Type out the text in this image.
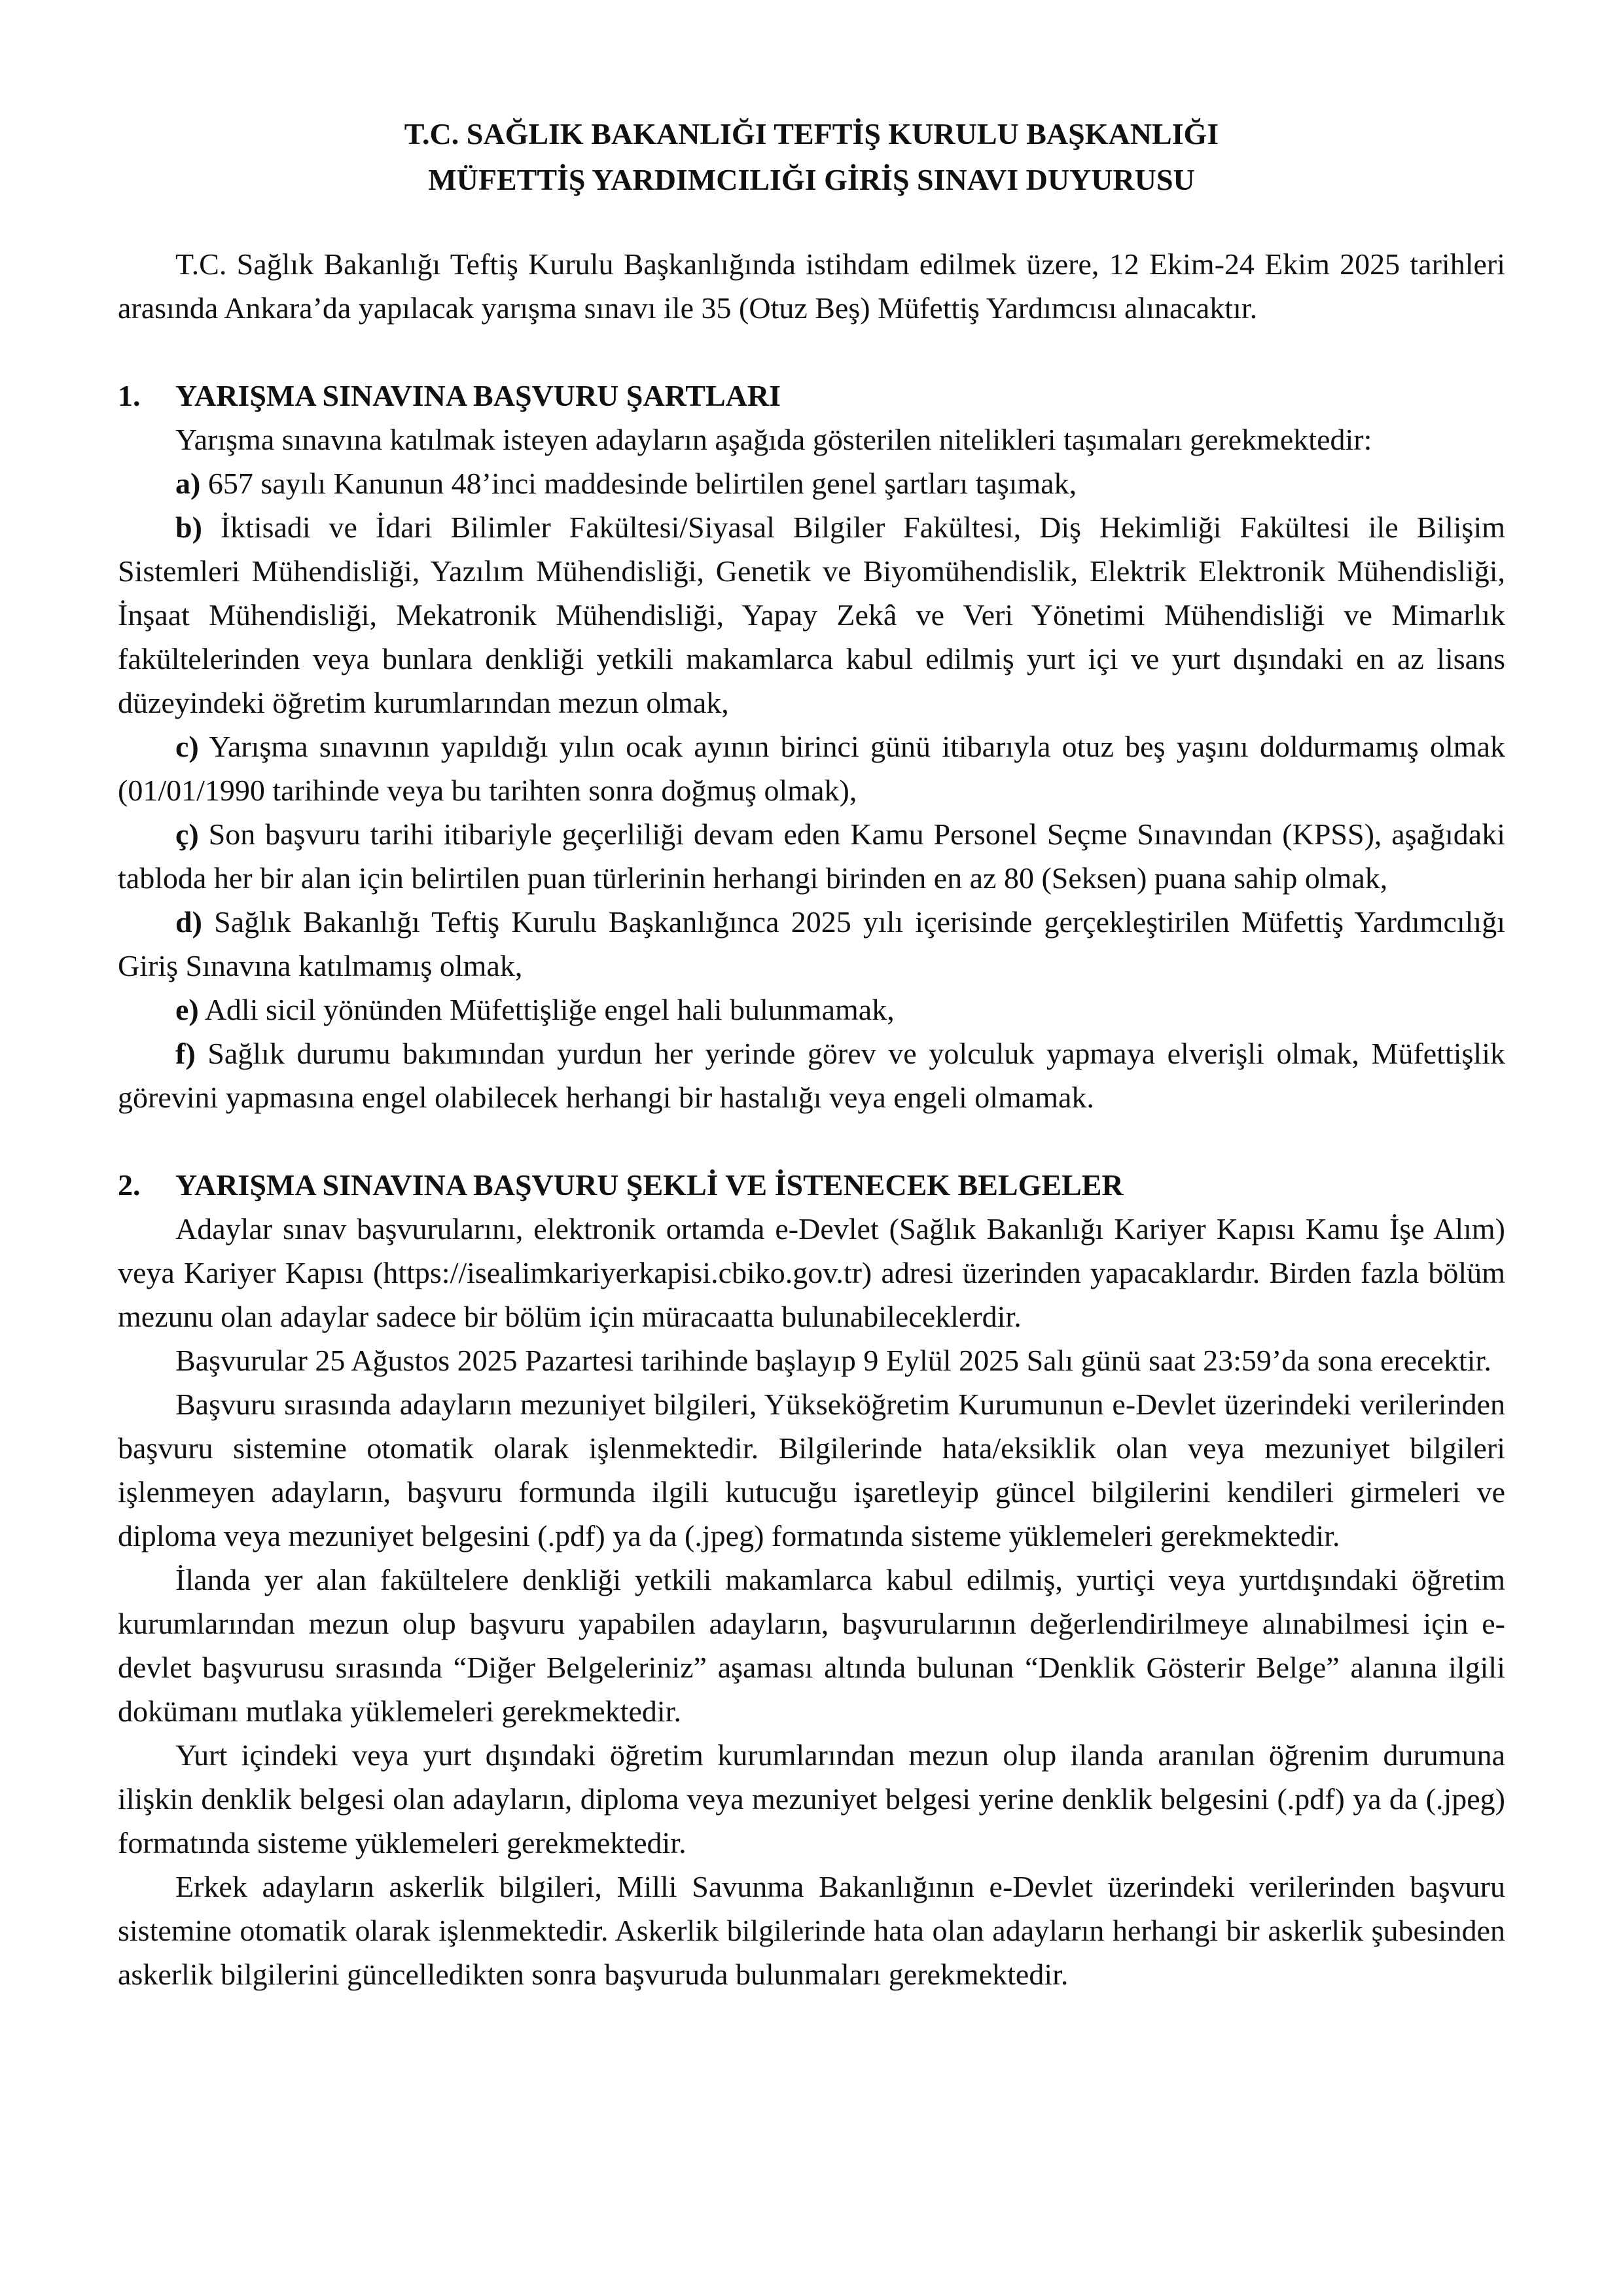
T.C. SAĞLIK BAKANLIĞI TEFTİŞ KURULU BAŞKANLIĞI
MÜFETTİŞ YARDIMCILIĞI GİRİŞ SINAVI DUYURUSU

T.C. Sağlık Bakanlığı Teftiş Kurulu Başkanlığında istihdam edilmek üzere, 12 Ekim-24 Ekim 2025 tarihleri arasında Ankara’da yapılacak yarışma sınavı ile 35 (Otuz Beş) Müfettiş Yardımcısı alınacaktır.

1. YARIŞMA SINAVINA BAŞVURU ŞARTLARI

Yarışma sınavına katılmak isteyen adayların aşağıda gösterilen nitelikleri taşımaları gerekmektedir:

a) 657 sayılı Kanunun 48’inci maddesinde belirtilen genel şartları taşımak,

b) İktisadi ve İdari Bilimler Fakültesi/Siyasal Bilgiler Fakültesi, Diş Hekimliği Fakültesi ile Bilişim Sistemleri Mühendisliği, Yazılım Mühendisliği, Genetik ve Biyomühendislik, Elektrik Elektronik Mühendisliği, İnşaat Mühendisliği, Mekatronik Mühendisliği, Yapay Zekâ ve Veri Yönetimi Mühendisliği ve Mimarlık fakültelerinden veya bunlara denkliği yetkili makamlarca kabul edilmiş yurt içi ve yurt dışındaki en az lisans düzeyindeki öğretim kurumlarından mezun olmak,

c) Yarışma sınavının yapıldığı yılın ocak ayının birinci günü itibarıyla otuz beş yaşını doldurmamış olmak (01/01/1990 tarihinde veya bu tarihten sonra doğmuş olmak),

ç) Son başvuru tarihi itibariyle geçerliliği devam eden Kamu Personel Seçme Sınavından (KPSS), aşağıdaki tabloda her bir alan için belirtilen puan türlerinin herhangi birinden en az 80 (Seksen) puana sahip olmak,

d) Sağlık Bakanlığı Teftiş Kurulu Başkanlığınca 2025 yılı içerisinde gerçekleştirilen Müfettiş Yardımcılığı Giriş Sınavına katılmamış olmak,

e) Adli sicil yönünden Müfettişliğe engel hali bulunmamak,

f) Sağlık durumu bakımından yurdun her yerinde görev ve yolculuk yapmaya elverişli olmak, Müfettişlik görevini yapmasına engel olabilecek herhangi bir hastalığı veya engeli olmamak.

2. YARIŞMA SINAVINA BAŞVURU ŞEKLİ VE İSTENECEK BELGELER

Adaylar sınav başvurularını, elektronik ortamda e-Devlet (Sağlık Bakanlığı Kariyer Kapısı Kamu İşe Alım) veya Kariyer Kapısı (https://isealimkariyerkapisi.cbiko.gov.tr) adresi üzerinden yapacaklardır. Birden fazla bölüm mezunu olan adaylar sadece bir bölüm için müracaatta bulunabileceklerdir.

Başvurular 25 Ağustos 2025 Pazartesi tarihinde başlayıp 9 Eylül 2025 Salı günü saat 23:59’da sona erecektir.

Başvuru sırasında adayların mezuniyet bilgileri, Yükseköğretim Kurumunun e-Devlet üzerindeki verilerinden başvuru sistemine otomatik olarak işlenmektedir. Bilgilerinde hata/eksiklik olan veya mezuniyet bilgileri işlenmeyen adayların, başvuru formunda ilgili kutucuğu işaretleyip güncel bilgilerini kendileri girmeleri ve diploma veya mezuniyet belgesini (.pdf) ya da (.jpeg) formatında sisteme yüklemeleri gerekmektedir.

İlanda yer alan fakültelere denkliği yetkili makamlarca kabul edilmiş, yurtiçi veya yurtdışındaki öğretim kurumlarından mezun olup başvuru yapabilen adayların, başvurularının değerlendirilmeye alınabilmesi için e-devlet başvurusu sırasında “Diğer Belgeleriniz” aşaması altında bulunan “Denklik Gösterir Belge” alanına ilgili dokümanı mutlaka yüklemeleri gerekmektedir.

Yurt içindeki veya yurt dışındaki öğretim kurumlarından mezun olup ilanda aranılan öğrenim durumuna ilişkin denklik belgesi olan adayların, diploma veya mezuniyet belgesi yerine denklik belgesini (.pdf) ya da (.jpeg) formatında sisteme yüklemeleri gerekmektedir.

Erkek adayların askerlik bilgileri, Milli Savunma Bakanlığının e-Devlet üzerindeki verilerinden başvuru sistemine otomatik olarak işlenmektedir. Askerlik bilgilerinde hata olan adayların herhangi bir askerlik şubesinden askerlik bilgilerini güncelledikten sonra başvuruda bulunmaları gerekmektedir.
